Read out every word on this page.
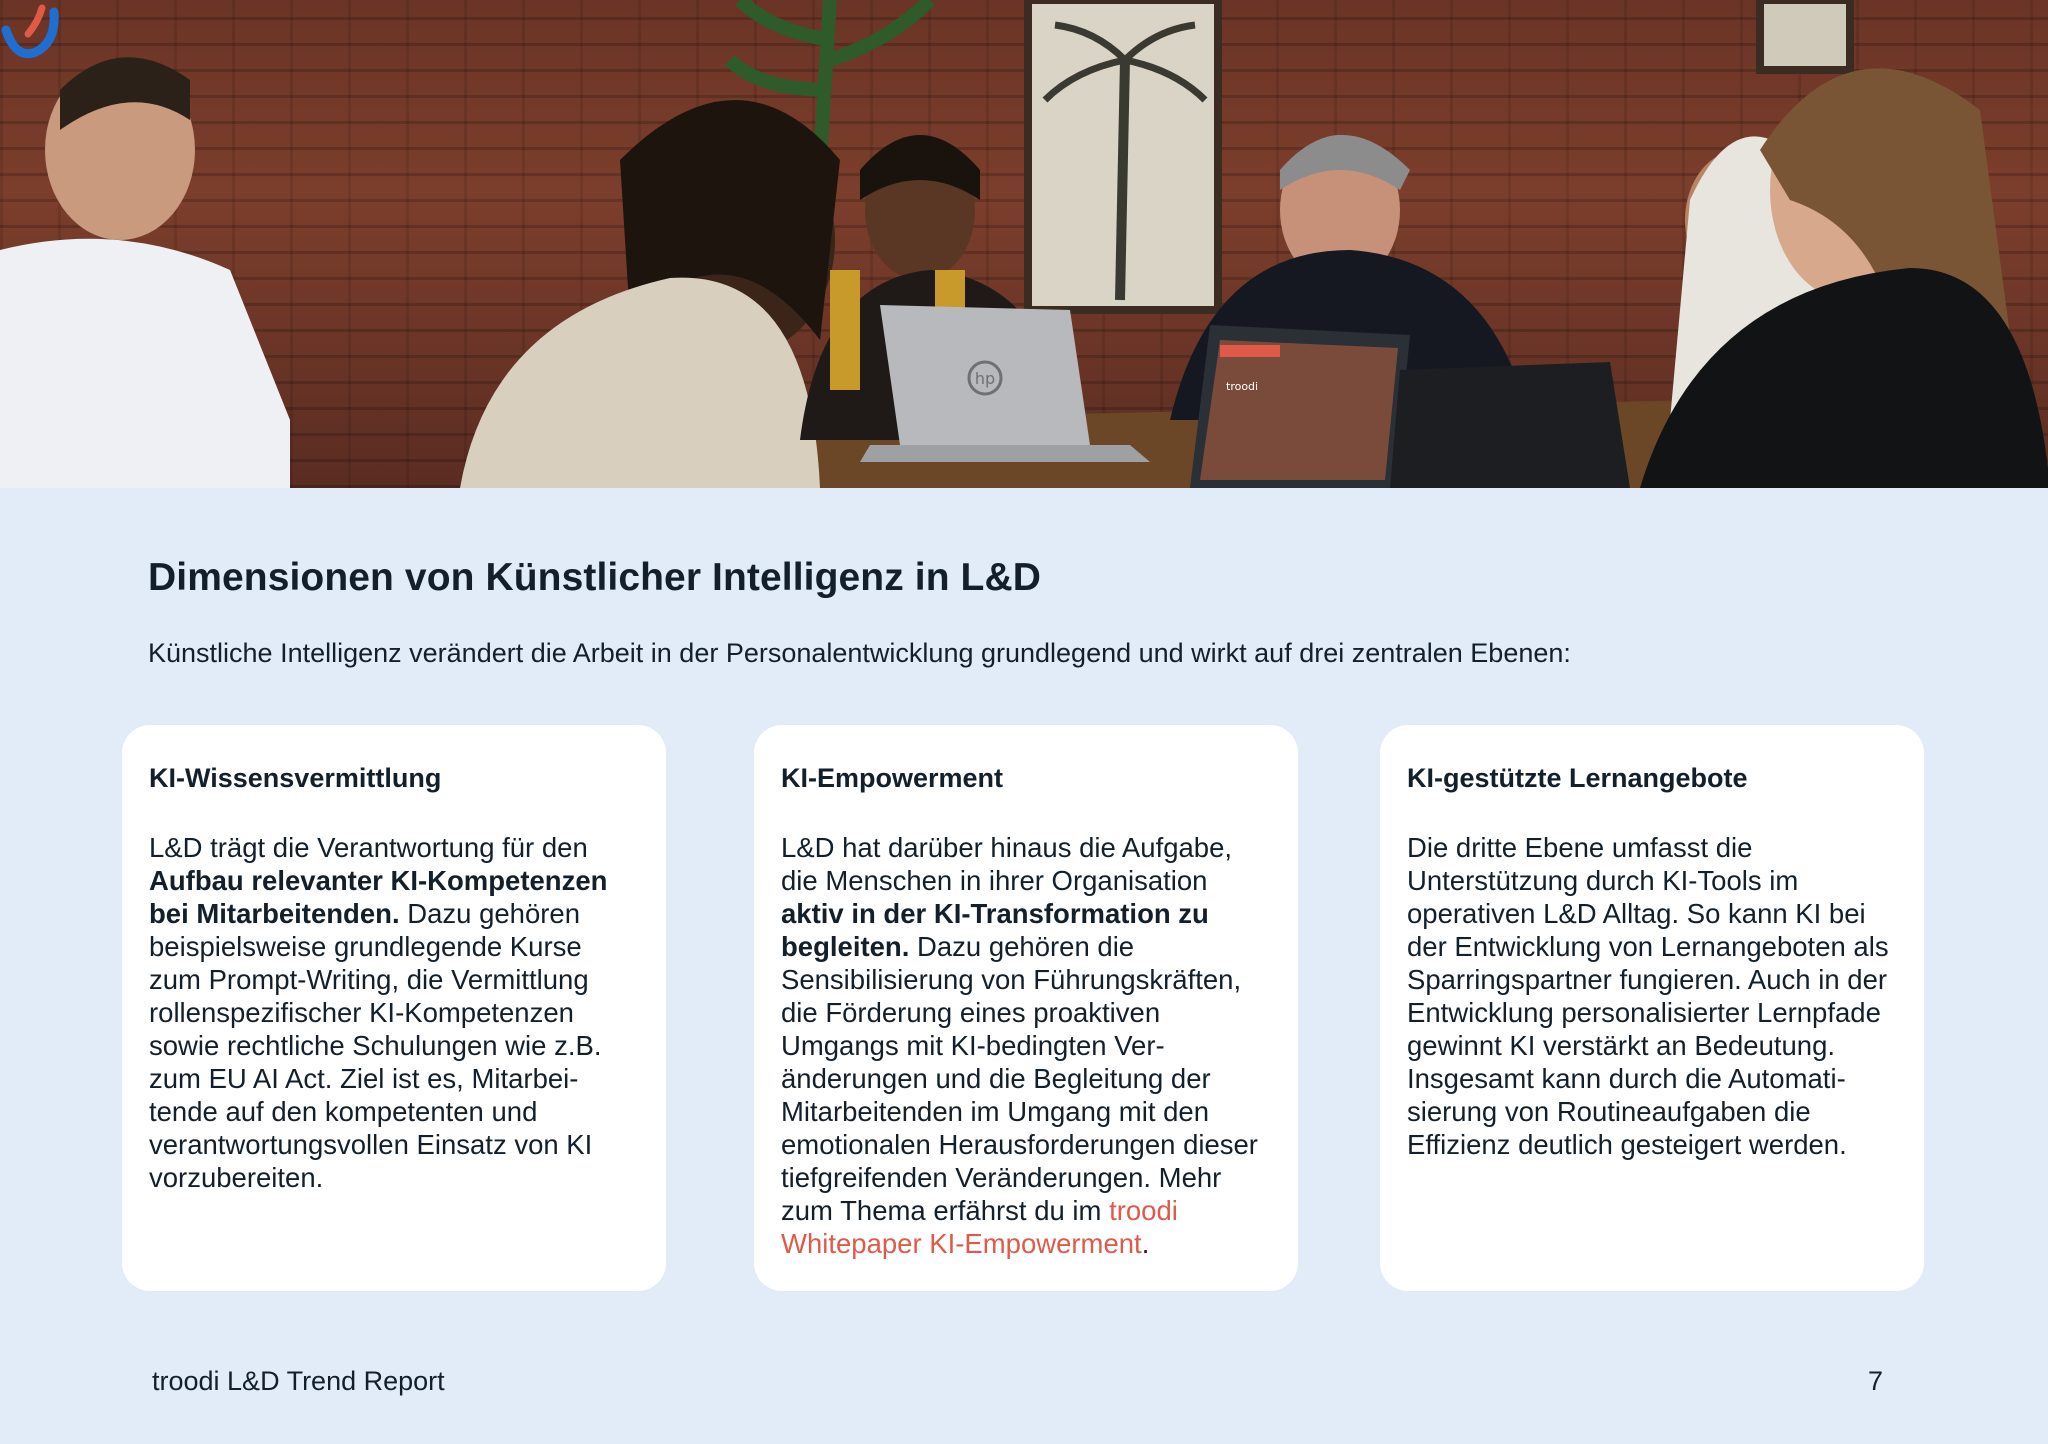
hp	troodi
Dimensionen von Künstlicher Intelligenz in L&D

Künstliche Intelligenz verändert die Arbeit in der Personalentwicklung grundlegend und wirkt auf drei zentralen Ebenen:

KI-Wissensvermittlung

L&D trägt die Verantwortung für den Aufbau relevanter KI-Kompetenzen bei Mitarbeitenden. Dazu gehören beispielsweise grundlegende Kurse zum Prompt-Writing, die Vermittlung rollenspezifischer KI-Kompetenzen sowie rechtliche Schulungen wie z.B. zum EU AI Act. Ziel ist es, Mitarbeitende auf den kompetenten und verantwortungsvollen Einsatz von KI vorzubereiten.

KI-Empowerment

L&D hat darüber hinaus die Aufgabe, die Menschen in ihrer Organisation aktiv in der KI-Transformation zu begleiten. Dazu gehören die Sensibilisierung von Führungskräften, die Förderung eines proaktiven Umgangs mit KI-bedingten Veränderungen und die Begleitung der Mitarbeitenden im Umgang mit den emotionalen Herausforderungen dieser tiefgreifenden Veränderungen. Mehr zum Thema erfährst du im troodi Whitepaper KI-Empowerment.

KI-gestützte Lernangebote

Die dritte Ebene umfasst die Unterstützung durch KI-Tools im operativen L&D Alltag. So kann KI bei der Entwicklung von Lernangeboten als Sparringspartner fungieren. Auch in der Entwicklung personalisierter Lernpfade gewinnt KI verstärkt an Bedeutung. Insgesamt kann durch die Automatisierung von Routineaufgaben die Effizienz deutlich gesteigert werden.

troodi L&D Trend Report	7
